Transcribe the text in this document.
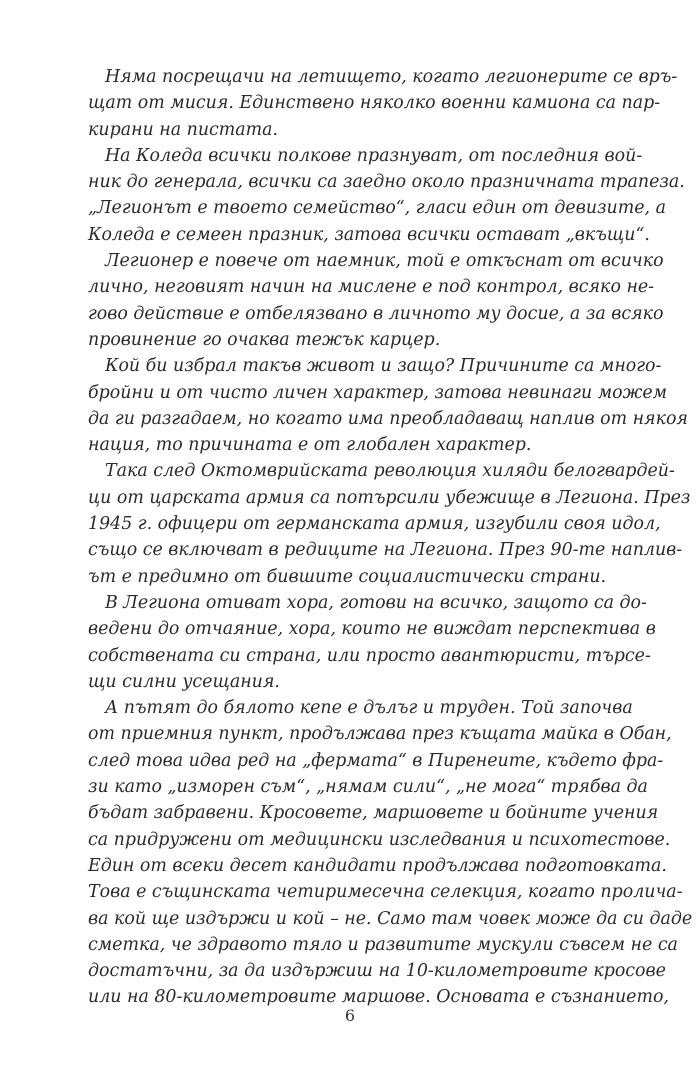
Няма посрещачи на летището, когато легионерите се връ-
щат от мисия. Единствено няколко военни камиона са пар-
кирани на пистата.

На Коледа всички полкове празнуват, от последния вой-
ник до генерала, всички са заедно около празничната трапеза.
„Легионът е твоето семейство“, гласи един от девизите, а
Коледа е семеен празник, затова всички остават „вкъщи“.

Легионер е повече от наемник, той е откъснат от всичко
лично, неговият начин на мислене е под контрол, всяко не-
гово действие е отбелязвано в личното му досие, а за всяко
провинение го очаква тежък карцер.

Кой би избрал такъв живот и защо? Причините са много-
бройни и от чисто личен характер, затова невинаги можем
да ги разгадаем, но когато има преобладаващ наплив от някоя
нация, то причината е от глобален характер.

Така след Октомврийската революция хиляди белогвардей-
ци от царската армия са потърсили убежище в Легиона. През
1945 г. офицери от германската армия, изгубили своя идол,
също се включват в редиците на Легиона. През 90-те наплив-
ът е предимно от бившите социалистически страни.

В Легиона отиват хора, готови на всичко, защото са до-
ведени до отчаяние, хора, които не виждат перспектива в
собствената си страна, или просто авантюристи, търсе-
щи силни усещания.

А пътят до бялото кепе е дълъг и труден. Той започва
от приемния пункт, продължава през къщата майка в Обан,
след това идва ред на „фермата“ в Пиренеите, където фра-
зи като „изморен съм“, „нямам сили“, „не мога“ трябва да
бъдат забравени. Кросовете, маршовете и бойните учения
са придружени от медицински изследвания и психотестове.
Един от всеки десет кандидати продължава подготовката.
Това е същинската четиримесечна селекция, когато пролича-
ва кой ще издържи и кой – не. Само там човек може да си даде
сметка, че здравото тяло и развитите мускули съвсем не са
достатъчни, за да издържиш на 10-километровите кросове
или на 80-километровите маршове. Основата е съзнанието,

6
